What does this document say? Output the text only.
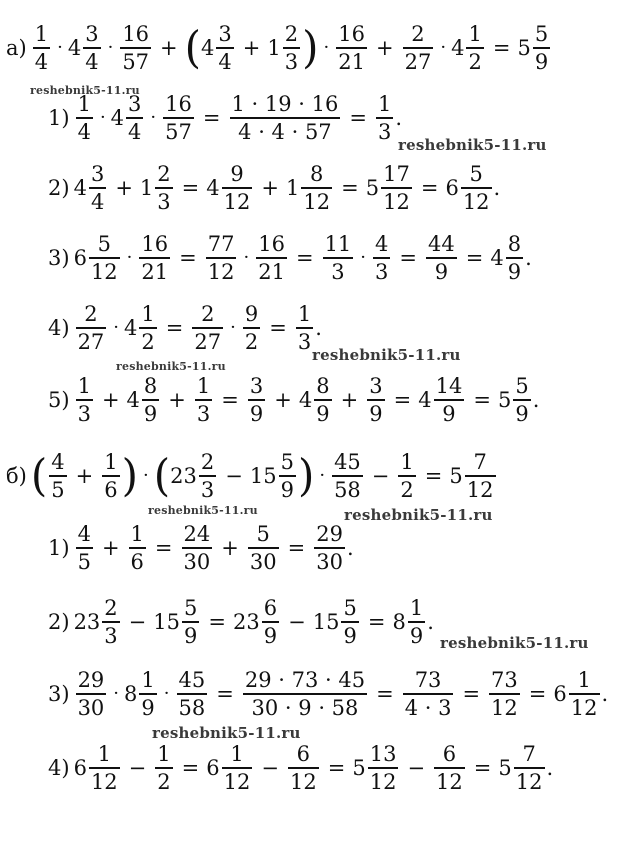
$а) \frac{1}{4} \cdot 4 \frac{3}{4} \cdot \frac{16}{57}$ + ( $4 \frac{3}{4} + 1 \frac{2}{3}$ ) · $\frac{16}{21} + \frac{2}{27} \cdot 4 \frac{1}{2} = 5 \frac{5}{9}$
$1) \frac{1}{4} \cdot 4 \frac{3}{4} \cdot \frac{16}{57} = \frac{1 \cdot 19 \cdot 16}{4 \cdot 4 \cdot 57} = \frac{1}{3}$ .
2) $4 \frac{3}{4} + 1 \frac{2}{3} = 4 \frac{9}{12} + 1 \frac{8}{12} = 5 \frac{17}{12} = 6 \frac{5}{12}$ .
3) $6 \frac{5}{12} \cdot \frac{16}{21} = \frac{77}{12} \cdot \frac{16}{21} = \frac{11}{3} \cdot \frac{4}{3} = \frac{44}{9} = 4 \frac{8}{9}$ .
$4) \frac{2}{27} \cdot 4 \frac{1}{2} = \frac{2}{27} \cdot \frac{9}{2} = \frac{1}{3}$ .
$5) \frac{1}{3} + 4 \frac{8}{9} + \frac{1}{3} = \frac{3}{9} + 4 \frac{8}{9} + \frac{3}{9} = 4 \frac{14}{9} = 5 \frac{5}{9}$ .
б) ( $\frac{4}{5} + \frac{1}{6}$ ) · ( $23 \frac{2}{3} - 15 \frac{5}{9}$ ) · $\frac{45}{58} - \frac{1}{2} = 5 \frac{7}{12}$
$1) \frac{4}{5} + \frac{1}{6} = \frac{24}{30} + \frac{5}{30} = \frac{29}{30}$ .
2) $23 \frac{2}{3} - 15 \frac{5}{9} = 23 \frac{6}{9} - 15 \frac{5}{9} = 8 \frac{1}{9}$ .
$3) \frac{29}{30} \cdot 8 \frac{1}{9} \cdot \frac{45}{58} = \frac{29 \cdot 73 \cdot 45}{30 \cdot 9 \cdot 58} = \frac{73}{4 \cdot 3} = \frac{73}{12} = 6 \frac{1}{12}$ .
4) $6 \frac{1}{12} - \frac{1}{2} = 6 \frac{1}{12} - \frac{6}{12} = 5 \frac{13}{12} - \frac{6}{12} = 5 \frac{7}{12}$ .
reshebnik5-11.ru
reshebnik5-11.ru
reshebnik5-11.ru
reshebnik5-11.ru
reshebnik5-11.ru	reshebnik5-11.ru
reshebnik5-11.ru
reshebnik5-11.ru
